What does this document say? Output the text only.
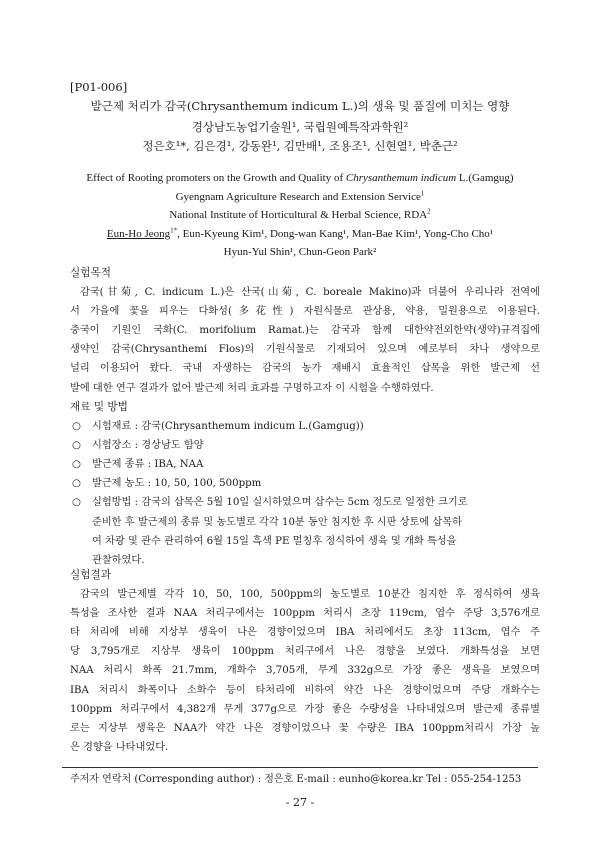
[P01-006]
발근제 처리가 감국(Chrysanthemum indicum L.)의 생육 및 품질에 미치는 영향
경상남도농업기술원¹, 국립원예특작과학원²
정은호¹*, 김은경¹, 강동완¹, 김만배¹, 조용조¹, 신현열¹, 박춘근²
Effect of Rooting promoters on the Growth and Quality of Chrysanthemum indicum L.(Gamgug)
Gyengnam Agriculture Research and Extension Service$^1$
National Institute of Horticultural & Herbal Science, RDA$^2$
Eun-Ho Jeong$^{1*}$, Eun-Kyeung Kim¹, Dong-wan Kang¹, Man-Bae Kim¹, Yong-Cho Cho¹
Hyun-Yul Shin¹, Chun-Geon Park²
실험목적
감국(甘菊, C. indicum L.)은 산국(山菊, C. boreale Makino)과 더불어 우리나라 전역에
서 가을에 꽃을 피우는 다화성(多花性) 자원식물로 관상용, 약용, 밀원용으로 이용된다.
중국이 기원인 국화(C. morifolium Ramat.)는 감국과 함께 대한약전외한약(생약)규격집에
생약인 감국(Chrysanthemi Flos)의 기원식물로 기재되어 있으며 예로부터 차나 생약으로
널리 이용되어 왔다. 국내 자생하는 감국의 농가 재배시 효율적인 삽목을 위한 발근제 선
발에 대한 연구 결과가 없어 발근제 처리 효과를 구명하고자 이 시험을 수행하였다.
재료 및 방법
○ 시험재료 : 감국(Chrysanthemum indicum L.(Gamgug))
○ 시험장소 : 경상남도 함양
○ 발근제 종류 : IBA, NAA
○ 발근제 농도 : 10, 50, 100, 500ppm
○ 실험방법 : 감국의 삽목은 5월 10일 실시하였으며 삽수는 5cm 정도로 일정한 크기로
준비한 후 발근제의 종류 및 농도별로 각각 10분 동안 침지한 후 시판 상토에 삽목하
여 차광 및 관수 관리하여 6월 15일 흑색 PE 멀칭후 정식하여 생육 및 개화 특성을
관찰하였다.
실험결과
감국의 발근제별 각각 10, 50, 100, 500ppm의 농도별로 10분간 침지한 후 정식하여 생육
특성을 조사한 결과 NAA 처리구에서는 100ppm 처리시 초장 119cm, 엽수 주당 3,576개로
타 처리에 비해 지상부 생육이 나은 경향이었으며 IBA 처리에서도 초장 113cm, 엽수 주
당 3,795개로 지상부 생육이 100ppm 처리구에서 나은 경향을 보였다. 개화특성을 보면
NAA 처리시 화폭 21.7mm, 개화수 3,705개, 무게 332g으로 가장 좋은 생육을 보였으며
IBA 처리시 화폭이나 소화수 등이 타처리에 비하여 약간 나은 경향이었으며 주당 개화수는
100ppm 처리구에서 4,382개 무게 377g으로 가장 좋은 수량성을 나타내었으며 발근제 종류별
로는 지상부 생육은 NAA가 약간 나은 경향이었으나 꽃 수량은 IBA 100ppm처리시 가장 높
은 경향을 나타내었다.
주저자 연락처 (Corresponding author) : 정은호 E-mail : eunho@korea.kr Tel : 055-254-1253
- 27 -
